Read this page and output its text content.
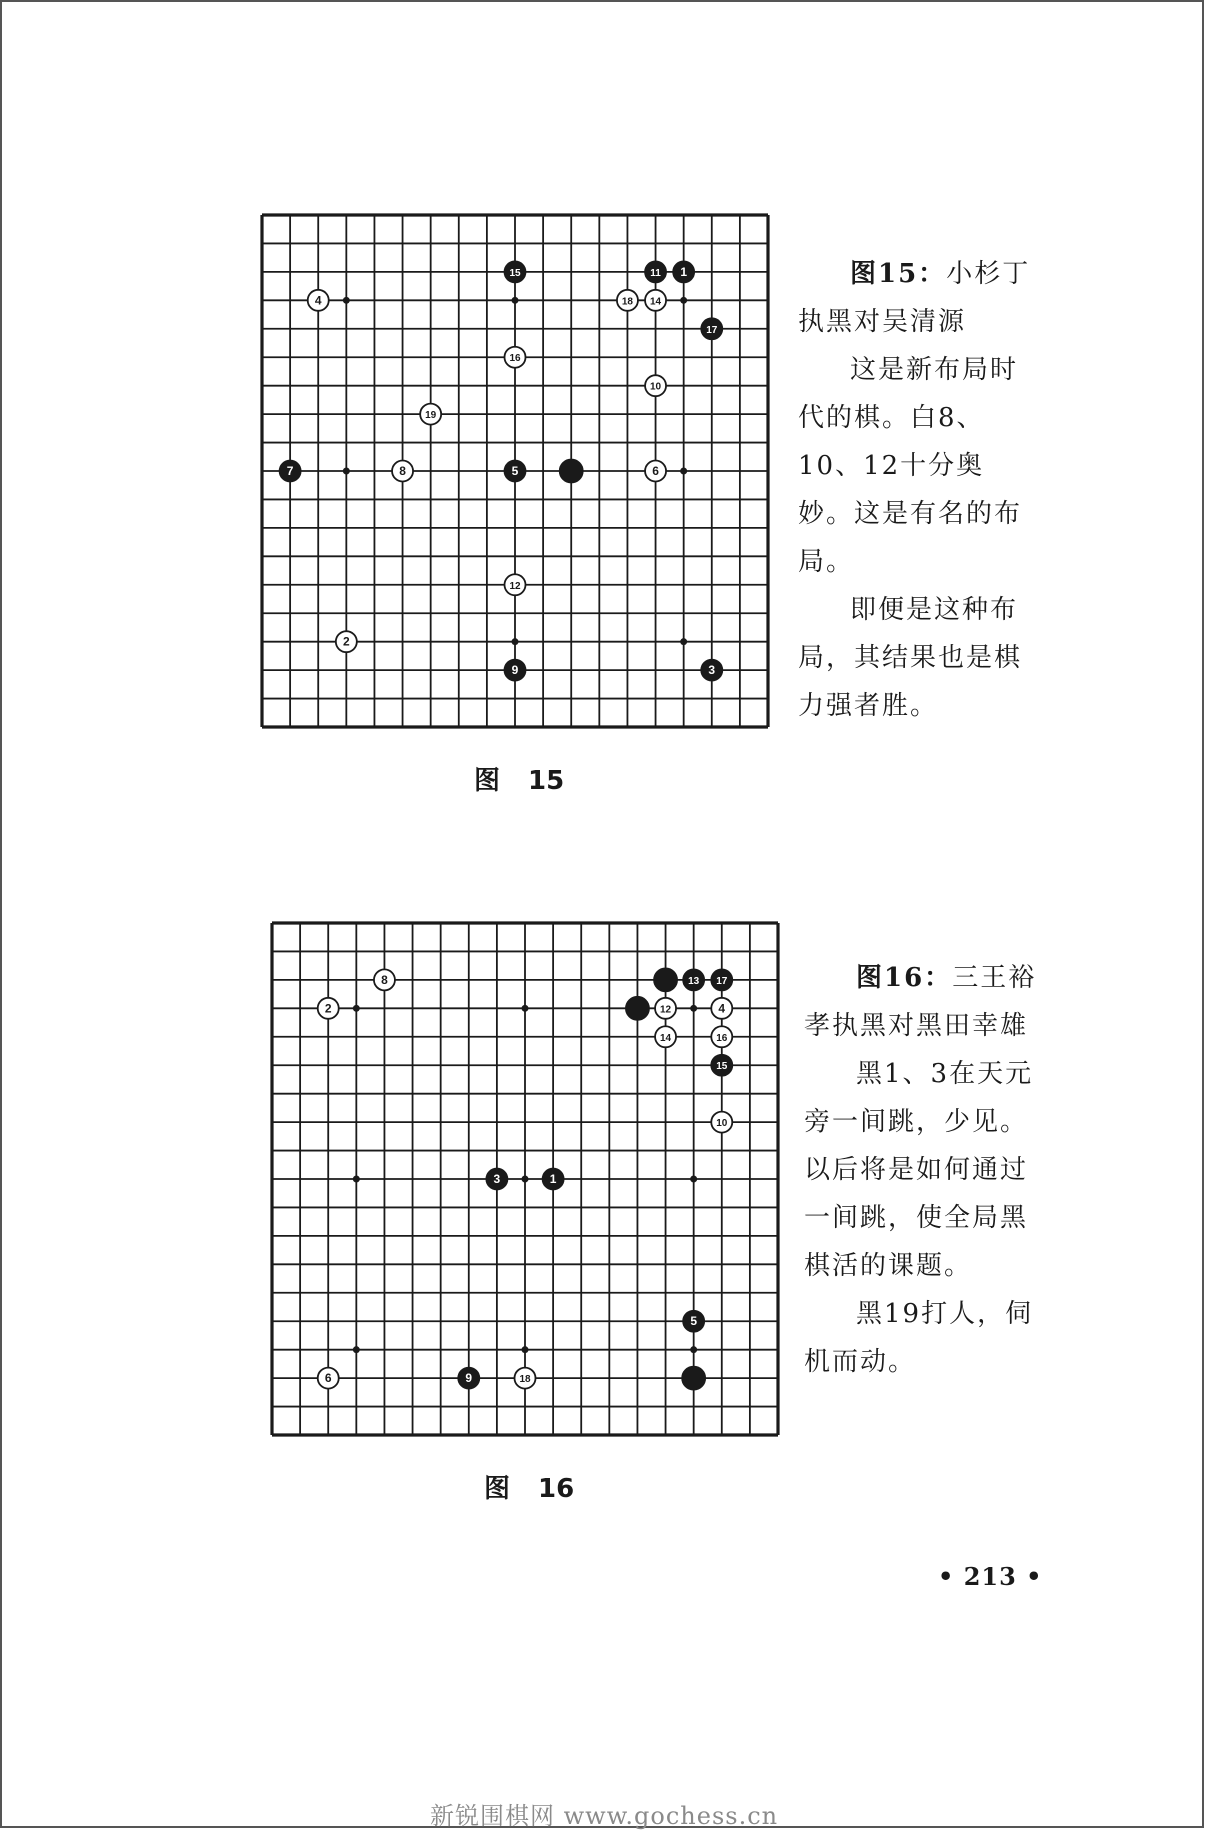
11 1
4
15
18 14
17
16
10
19
7	8	5	6
12
2
9	3
图 15

图15：小杉丁执黑对吴清源

这是新布局时代的棋。白8、10、12十分奥妙。这是有名的布局。

即便是这种布局，其结果也是棋力强者胜。

8	13 17
2	12	4
14	16
15
10
3	1
5
6	9	18
图 16

图16：三王裕孝执黑对黑田幸雄

黑1、3在天元旁一间跳，少见。以后将是如何通过一间跳，使全局黑棋活的课题。

黑19打人，伺机而动。

• 213 •
新锐围棋网 www.gochess.cn
